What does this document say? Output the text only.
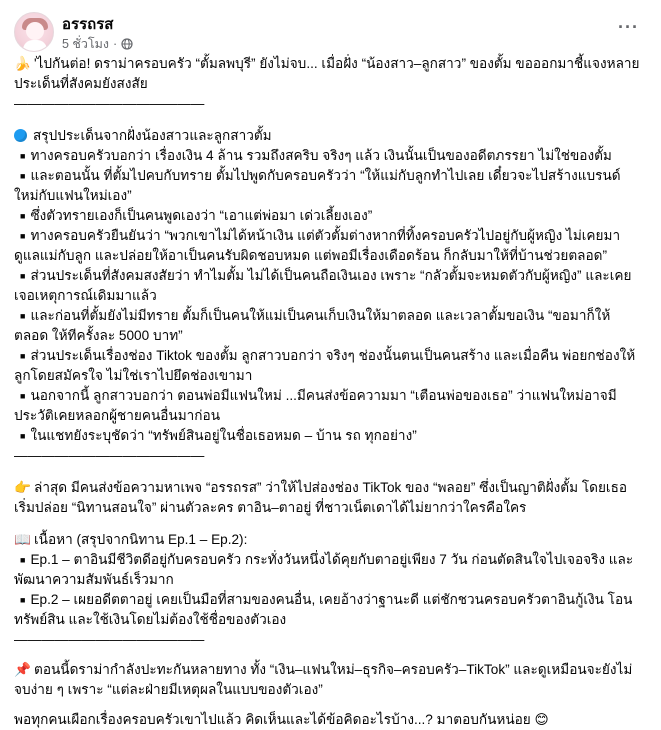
อรรถรส
5 ชั่วโมง ·
···

🍌 'ไปกันต่อ! ดราม่าครอบครัว “ตั้มลพบุรี” ยังไม่จบ... เมื่อฝั่ง “น้องสาว–ลูกสาว” ของตั้ม ขอออกมาชี้แจงหลายประเด็นที่สังคมยังสงสัย

——————————————

สรุปประเด็นจากฝั่งน้องสาวและลูกสาวตั้ม

■ ทางครอบครัวบอกว่า เรื่องเงิน 4 ล้าน รวมถึงสคริบ จริงๆ แล้ว เงินนั้นเป็นของอดีตภรรยา ไม่ใช่ของตั้ม

■ และตอนนั้น ที่ตั้มไปคบกับทราย ตั้มไปพูดกับครอบครัวว่า “ให้แม่กับลูกทำไปเลย เดี๋ยวจะไปสร้างแบรนด์ใหม่กับแฟนใหม่เอง”

■ ซึ่งตัวทรายเองก็เป็นคนพูดเองว่า “เอาแต่พ่อมา เด่วเลี้ยงเอง”

■ ทางครอบครัวยืนยันว่า “พวกเขาไม่ได้หน้าเงิน แต่ตัวตั้มต่างหากที่ทิ้งครอบครัวไปอยู่กับผู้หญิง ไม่เคยมาดูแลแม่กับลูก และปล่อยให้อาเป็นคนรับผิดชอบหมด แต่พอมีเรื่องเดือดร้อน ก็กลับมาให้ที่บ้านช่วยตลอด”

■ ส่วนประเด็นที่สังคมสงสัยว่า ทำไมตั้ม ไม่ได้เป็นคนถือเงินเอง เพราะ “กลัวตั้มจะหมดตัวกับผู้หญิง” และเคยเจอเหตุการณ์เดิมมาแล้ว

■ และก่อนที่ตั้มยังไม่มีทราย ตั้มก็เป็นคนให้แม่เป็นคนเก็บเงินให้มาตลอด และเวลาตั้มขอเงิน “ขอมาก็ให้ตลอด ให้ทีครั้งละ 5000 บาท”

■ ส่วนประเด็นเรื่องช่อง Tiktok ของตั้ม ลูกสาวบอกว่า จริงๆ ช่องนั้นตนเป็นคนสร้าง และเมื่อคืน พ่อยกช่องให้ลูกโดยสมัครใจ ไม่ใช่เราไปยึดช่องเขามา

■ นอกจากนี้ ลูกสาวบอกว่า ตอนพ่อมีแฟนใหม่ ...มีคนส่งข้อความมา “เตือนพ่อของเธอ” ว่าแฟนใหม่อาจมีประวัติเคยหลอกผู้ชายคนอื่นมาก่อน

■ ในแชทยังระบุชัดว่า “ทรัพย์สินอยู่ในชื่อเธอหมด – บ้าน รถ ทุกอย่าง”

——————————————

👉 ล่าสุด มีคนส่งข้อความหาเพจ “อรรถรส” ว่าให้ไปส่องช่อง TikTok ของ “พลอย” ซึ่งเป็นญาติฝั่งตั้ม โดยเธอเริ่มปล่อย “นิทานสอนใจ” ผ่านตัวละคร ตาอิน–ตาอยู่ ที่ชาวเน็ตเดาได้ไม่ยากว่าใครคือใคร

📖 เนื้อหา (สรุปจากนิทาน Ep.1 – Ep.2):

■ Ep.1 – ตาอินมีชีวิตดีอยู่กับครอบครัว กระทั่งวันหนึ่งได้คุยกับตาอยู่เพียง 7 วัน ก่อนตัดสินใจไปเจอจริง และพัฒนาความสัมพันธ์เร็วมาก

■ Ep.2 – เผยอดีตตาอยู่ เคยเป็นมือที่สามของคนอื่น, เคยอ้างว่าฐานะดี แต่ชักชวนครอบครัวตาอินกู้เงิน โอนทรัพย์สิน และใช้เงินโดยไม่ต้องใช้ชื่อของตัวเอง

——————————————

📌 ตอนนี้ดราม่ากำลังปะทะกันหลายทาง ทั้ง “เงิน–แฟนใหม่–ธุรกิจ–ครอบครัว–TikTok” และดูเหมือนจะยังไม่จบง่าย ๆ เพราะ “แต่ละฝ่ายมีเหตุผลในแบบของตัวเอง”

พอทุกคนเผือกเรื่องครอบครัวเขาไปแล้ว คิดเห็นและได้ข้อคิดอะไรบ้าง...? มาตอบกันหน่อย 😊
